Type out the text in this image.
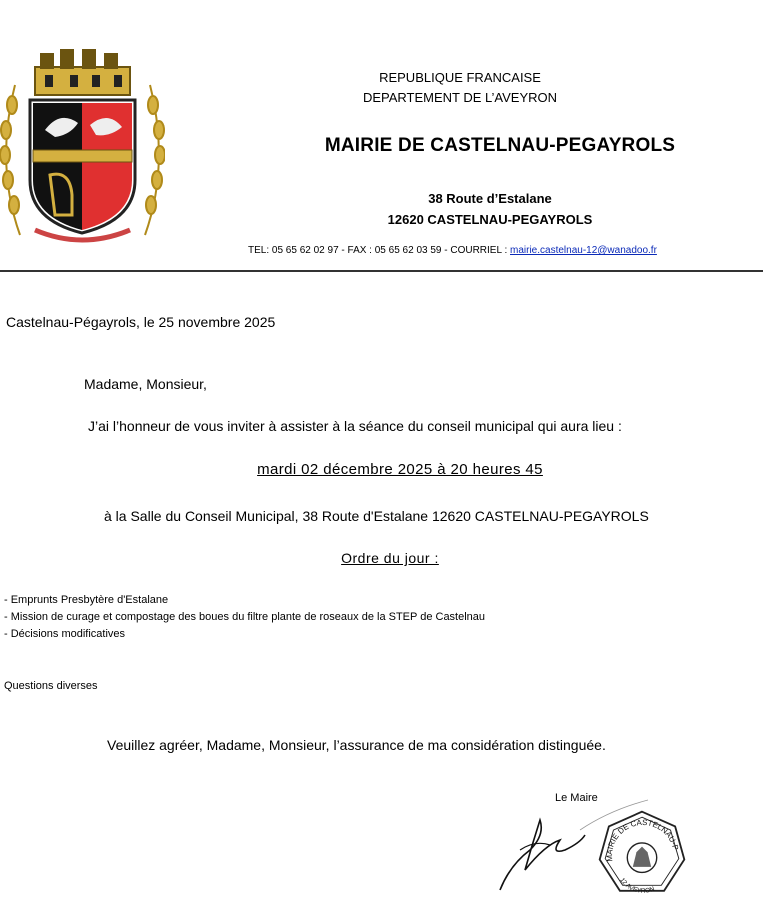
REPUBLIQUE FRANCAISE
DEPARTEMENT DE L’AVEYRON
MAIRIE DE CASTELNAU-PEGAYROLS
38 Route d’Estalane
12620 CASTELNAU-PEGAYROLS
TEL: 05 65 62 02 97 - FAX : 05 65 62 03 59 - COURRIEL : mairie.castelnau-12@wanadoo.fr
Castelnau-Pégayrols, le 25 novembre 2025
Madame, Monsieur,
J’ai l’honneur de vous inviter à assister à la séance du conseil municipal qui aura lieu :
mardi 02 décembre 2025 à 20 heures 45
à la Salle du Conseil Municipal, 38 Route d'Estalane 12620 CASTELNAU-PEGAYROLS
Ordre du jour :
- Emprunts Presbytère d'Estalane
- Mission de curage et compostage des boues du filtre plante de roseaux de la STEP de Castelnau
- Décisions modificatives
Questions diverses
Veuillez agréer, Madame, Monsieur, l’assurance de ma considération distinguée.
Le Maire
MAIRIE DE CASTELNAU-P
12 AVEYRON
